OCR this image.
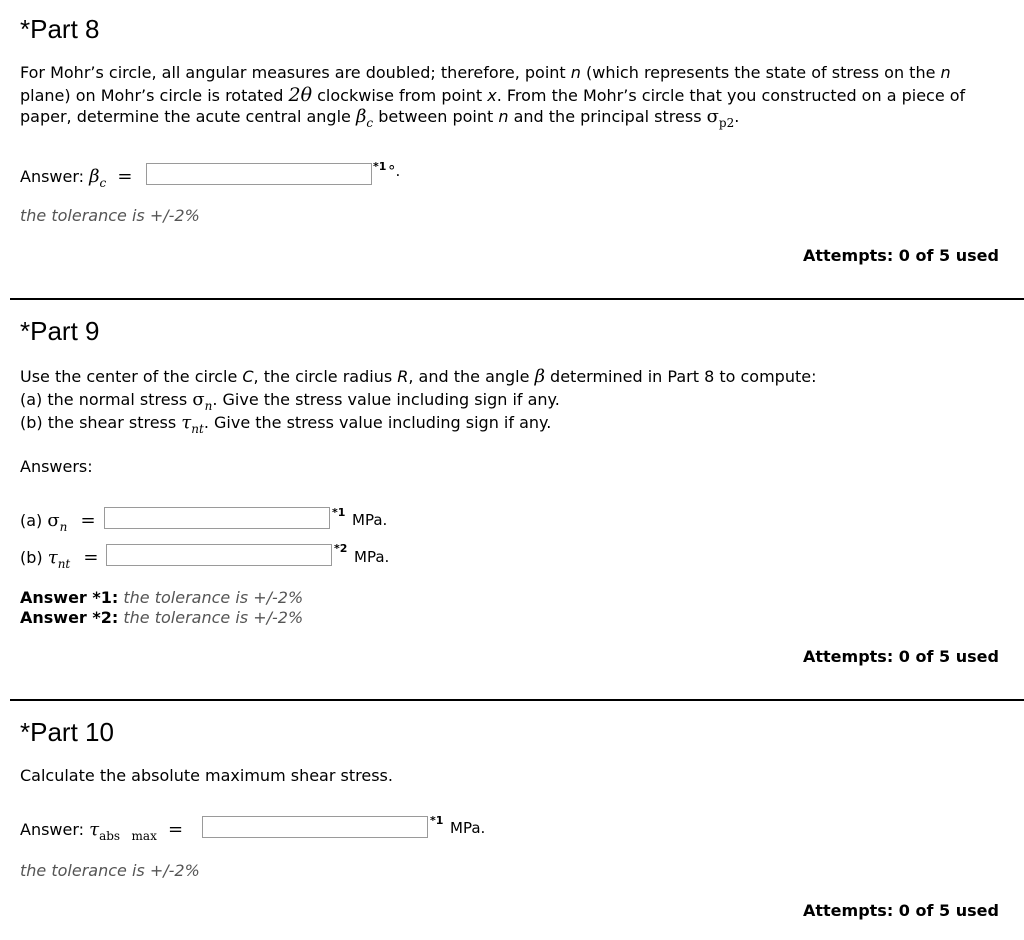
*Part 8
For Mohr’s circle, all angular measures are doubled; therefore, point n (which represents the state of stress on the n
plane) on Mohr’s circle is rotated 2θ clockwise from point x. From the Mohr’s circle that you constructed on a piece of
paper, determine the acute central angle $\beta_c$ between point n and the principal stress $\sigma_{p2}$.
Answer: $\beta_c$ =	*1 °.
the tolerance is +/-2%
Attempts: 0 of 5 used
*Part 9
Use the center of the circle C, the circle radius R, and the angle β determined in Part 8 to compute:
(a) the normal stress $\sigma_n$. Give the stress value including sign if any.
(b) the shear stress $\tau_{nt}$. Give the stress value including sign if any.
Answers:
(a) $\sigma_n$ =	*1 MPa.
(b) $\tau_{nt}$ =	*2 MPa.
Answer *1: the tolerance is +/-2%
Answer *2: the tolerance is +/-2%
Attempts: 0 of 5 used
*Part 10
Calculate the absolute maximum shear stress.
Answer: $\tau_{abs max}$ =	*1 MPa.
the tolerance is +/-2%
Attempts: 0 of 5 used
